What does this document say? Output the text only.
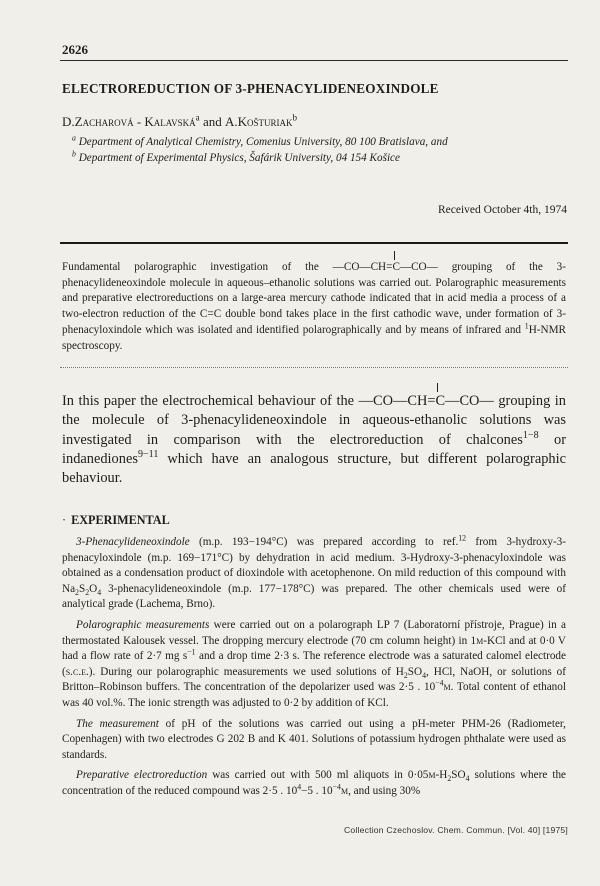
2626
ELECTROREDUCTION OF 3-PHENACYLIDENEOXINDOLE
D.Zacharová - Kalavská$^a$ and A.Košturiak$^b$
$^a$ Department of Analytical Chemistry, Comenius University, 80 100 Bratislava, and
$^b$ Department of Experimental Physics, Šafárik University, 04 154 Košice
Received October 4th, 1974
Fundamental polarographic investigation of the —CO—CH=C—CO—
grouping of the 3-phenacylideneoxindole molecule in aqueous–ethanolic solutions was carried out. Polarographic measurements and preparative electroreductions on a large-area mercury cathode indicated that in acid media a process of a two-electron reduction of the C=C double bond takes place in the first cathodic wave, under formation of 3-phenacyloxindole which was isolated and identified polarographically and by means of infrared and $^1$H-NMR spectroscopy.
In this paper the electrochemical behaviour of the —CO—CH=C—CO—
grouping in the molecule of 3-phenacylideneoxindole in aqueous-ethanolic solutions was investigated in comparison with the electroreduction of chalcones$^{1-8}$ or indanediones$^{9-11}$ which have an analogous structure, but different polarographic behaviour.
· EXPERIMENTAL

3-Phenacylideneoxindole (m.p. 193−194°C) was prepared according to ref.$^{12}$ from 3-hydroxy-3-phenacyloxindole (m.p. 169−171°C) by dehydration in acid medium. 3-Hydroxy-3-phenacyloxindole was obtained as a condensation product of dioxindole with acetophenone. On mild reduction of this compound with $Na_2S_2O_4$ 3-phenacylideneoxindole (m.p. 177−178°C) was prepared. The other chemicals used were of analytical grade (Lachema, Brno).

Polarographic measurements were carried out on a polarograph LP 7 (Laboratorní přístroje, Prague) in a thermostated Kalousek vessel. The dropping mercury electrode (70 cm column height) in 1m-KCl and at 0·0 V had a flow rate of 2·7 mg $s^{-1}$ and a drop time 2·3 s. The reference electrode was a saturated calomel electrode (s.c.e.). During our polarographic measurements we used solutions of $H_2SO_4$, HCl, NaOH, or solutions of Britton–Robinson buffers. The concentration of the depolarizer used was 2·5 . $10^{-4}m$. Total content of ethanol was 40 vol.%. The ionic strength was adjusted to 0·2 by addition of KCl.

The measurement of pH of the solutions was carried out using a pH-meter PHM-26 (Radiometer, Copenhagen) with two electrodes G 202 B and K 401. Solutions of potassium hydrogen phthalate were used as standards.

Preparative electroreduction was carried out with 500 ml aliquots in $0\cdot 05m-H_2SO_4$ solutions where the concentration of the reduced compound was 2·5 . $10^4-5$ . $10^{-4}m$, and using 30%

Collection Czechoslov. Chem. Commun. [Vol. 40] [1975]
